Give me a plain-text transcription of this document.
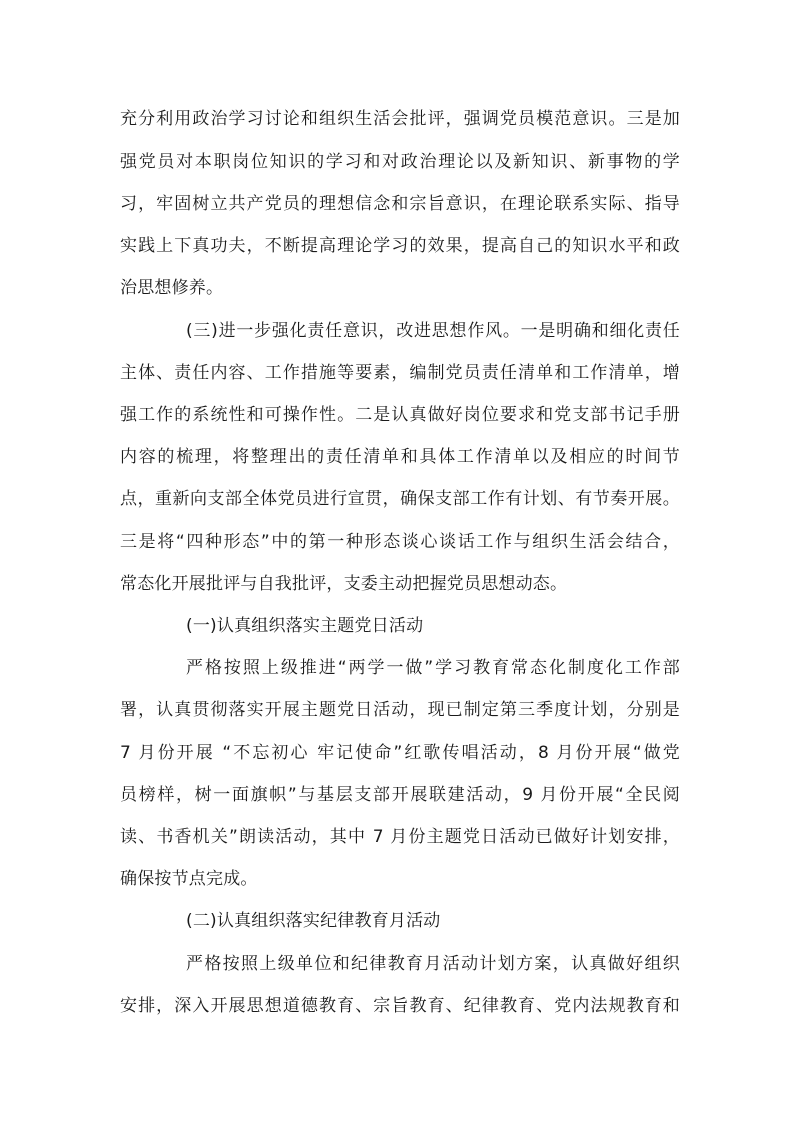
充分利用政治学习讨论和组织生活会批评，强调党员模范意识。三是加
强党员对本职岗位知识的学习和对政治理论以及新知识、新事物的学
习，牢固树立共产党员的理想信念和宗旨意识，在理论联系实际、指导
实践上下真功夫，不断提高理论学习的效果，提高自己的知识水平和政
治思想修养。
(三)进一步强化责任意识，改进思想作风。一是明确和细化责任
主体、责任内容、工作措施等要素，编制党员责任清单和工作清单，增
强工作的系统性和可操作性。二是认真做好岗位要求和党支部书记手册
内容的梳理，将整理出的责任清单和具体工作清单以及相应的时间节
点，重新向支部全体党员进行宣贯，确保支部工作有计划、有节奏开展。
三是将“四种形态”中的第一种形态谈心谈话工作与组织生活会结合，
常态化开展批评与自我批评，支委主动把握党员思想动态。
(一)认真组织落实主题党日活动
严格按照上级推进“两学一做”学习教育常态化制度化工作部
署，认真贯彻落实开展主题党日活动，现已制定第三季度计划，分别是
7 月份开展 “不忘初心 牢记使命”红歌传唱活动，8 月份开展“做党
员榜样，树一面旗帜”与基层支部开展联建活动，9 月份开展“全民阅
读、书香机关”朗读活动，其中 7 月份主题党日活动已做好计划安排，
确保按节点完成。
(二)认真组织落实纪律教育月活动
严格按照上级单位和纪律教育月活动计划方案，认真做好组织
安排，深入开展思想道德教育、宗旨教育、纪律教育、党内法规教育和
